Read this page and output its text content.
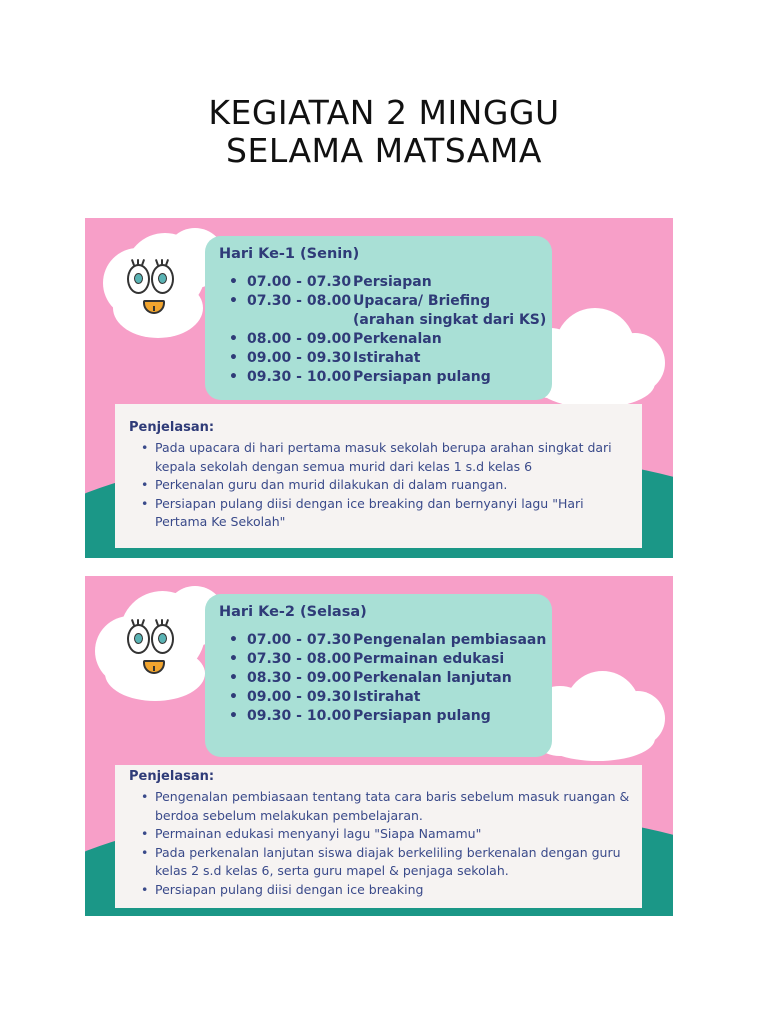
KEGIATAN 2 MINGGU
SELAMA MATSAMA
Hari Ke-1 (Senin)
• 07.00 - 07.30 Persiapan
• 07.30 - 08.00 Upacara/ Briefing
(arahan singkat dari KS)
• 08.00 - 09.00 Perkenalan
• 09.00 - 09.30 Istirahat
• 09.30 - 10.00 Persiapan pulang
Penjelasan:
• Pada upacara di hari pertama masuk sekolah berupa arahan singkat dari kepala sekolah dengan semua murid dari kelas 1 s.d kelas 6
• Perkenalan guru dan murid dilakukan di dalam ruangan.
• Persiapan pulang diisi dengan ice breaking dan bernyanyi lagu "Hari Pertama Ke Sekolah"
Hari Ke-2 (Selasa)
• 07.00 - 07.30 Pengenalan pembiasaan
• 07.30 - 08.00 Permainan edukasi
• 08.30 - 09.00 Perkenalan lanjutan
• 09.00 - 09.30 Istirahat
• 09.30 - 10.00 Persiapan pulang
Penjelasan:
• Pengenalan pembiasaan tentang tata cara baris sebelum masuk ruangan & berdoa sebelum melakukan pembelajaran.
• Permainan edukasi menyanyi lagu "Siapa Namamu"
• Pada perkenalan lanjutan siswa diajak berkeliling berkenalan dengan guru kelas 2 s.d kelas 6, serta guru mapel & penjaga sekolah.
• Persiapan pulang diisi dengan ice breaking
